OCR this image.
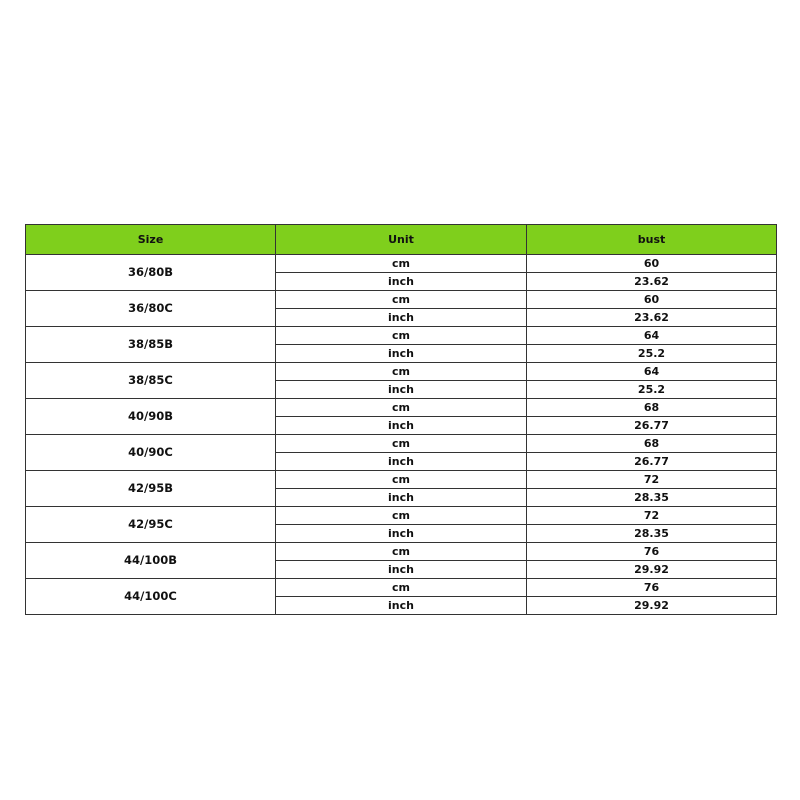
Size	Unit	bust
36/80B	cm	60
	inch	23.62
36/80C	cm	60
	inch	23.62
38/85B	cm	64
	inch	25.2
38/85C	cm	64
	inch	25.2
40/90B	cm	68
	inch	26.77
40/90C	cm	68
	inch	26.77
42/95B	cm	72
	inch	28.35
42/95C	cm	72
	inch	28.35
44/100B	cm	76
	inch	29.92
44/100C	cm	76
	inch	29.92
